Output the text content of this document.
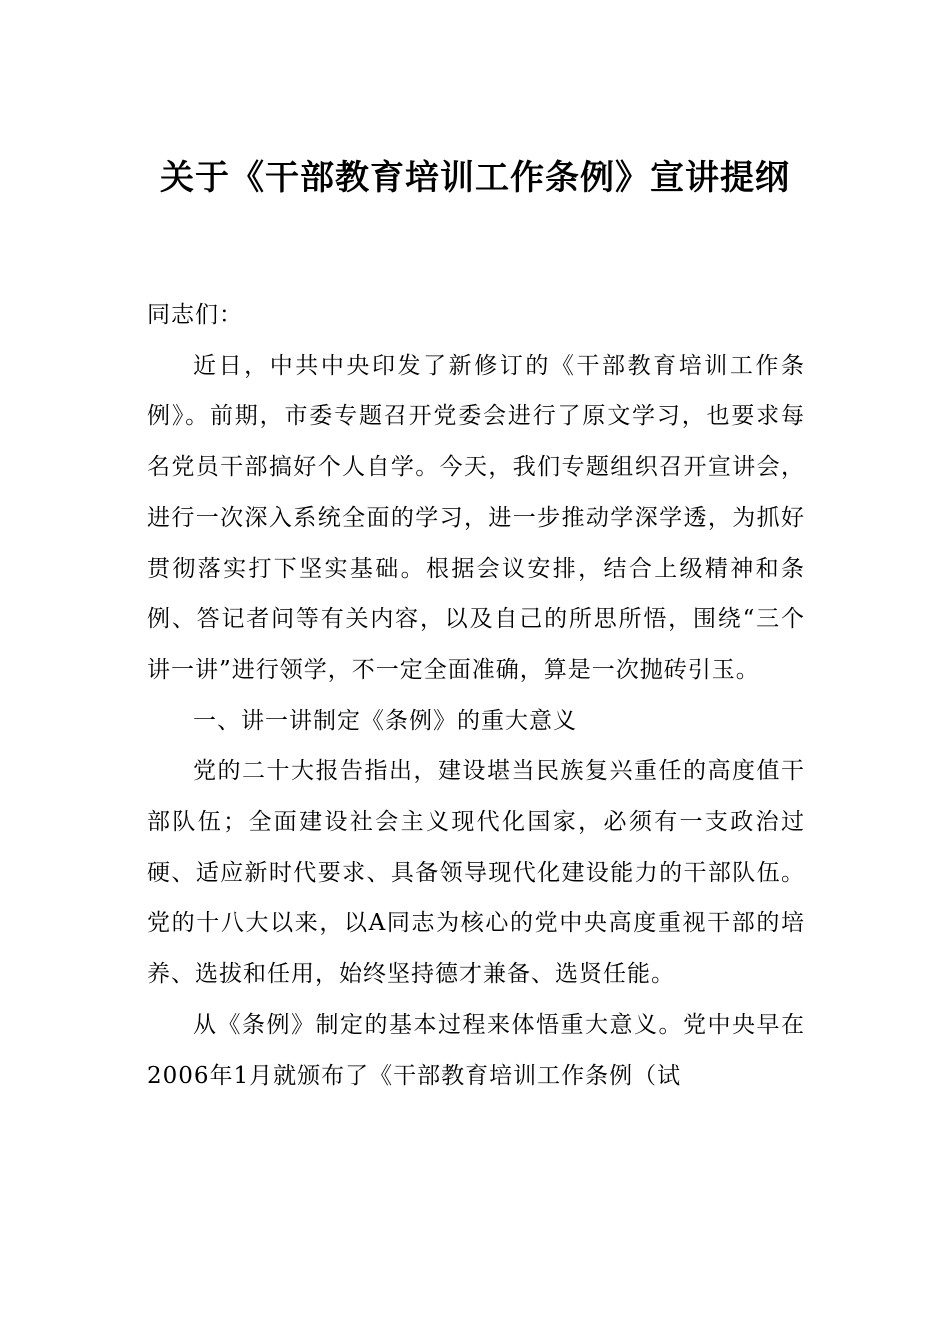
关于《干部教育培训工作条例》宣讲提纲

同志们：

近日，中共中央印发了新修订的《干部教育培训工作条例》。前期，市委专题召开党委会进行了原文学习，也要求每名党员干部搞好个人自学。今天，我们专题组织召开宣讲会，进行一次深入系统全面的学习，进一步推动学深学透，为抓好贯彻落实打下坚实基础。根据会议安排，结合上级精神和条例、答记者问等有关内容，以及自己的所思所悟，围绕“三个讲一讲”进行领学，不一定全面准确，算是一次抛砖引玉。

一、讲一讲制定《条例》的重大意义

党的二十大报告指出，建设堪当民族复兴重任的高度值干部队伍；全面建设社会主义现代化国家，必须有一支政治过硬、适应新时代要求、具备领导现代化建设能力的干部队伍。党的十八大以来，以A同志为核心的党中央高度重视干部的培养、选拔和任用，始终坚持德才兼备、选贤任能。

从《条例》制定的基本过程来体悟重大意义。党中央早在2006年1月就颁布了《干部教育培训工作条例（试
